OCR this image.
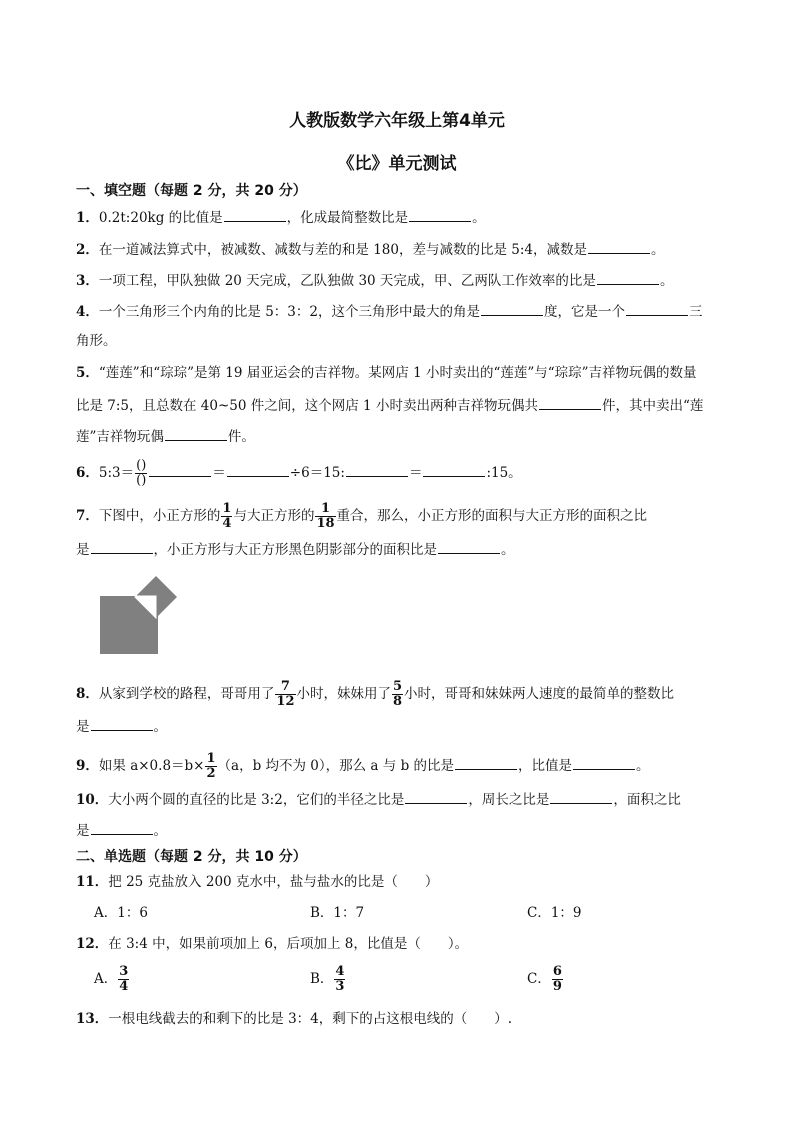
人教版数学六年级上第4单元
《比》单元测试
一、填空题（每题 2 分，共 20 分）
1．0.2t:20kg 的比值是	，化成最简整数比是	。
2．在一道减法算式中，被减数、减数与差的和是 180，差与减数的比是 5:4，减数是	。
3．一项工程，甲队独做 20 天完成，乙队独做 30 天完成，甲、乙两队工作效率的比是	。
4．一个三角形三个内角的比是 5：3：2，这个三角形中最大的角是	度，它是一个	三
角形。
5．“莲莲”和“琮琮”是第 19 届亚运会的吉祥物。某网店 1 小时卖出的“莲莲”与“琮琮”吉祥物玩偶的数量
比是 7:5，且总数在 40~50 件之间，这个网店 1 小时卖出两种吉祥物玩偶共	件，其中卖出“莲
莲”吉祥物玩偶	件。
6．5:3＝ $\frac{()}{()}$	＝	÷6＝15:	＝	:15。
7．下图中，小正方形的 $\frac{1}{4}$ 与大正方形的 $\frac{1}{18}$ 重合，那么，小正方形的面积与大正方形的面积之比
是	，小正方形与大正方形黑色阴影部分的面积比是	。
8．从家到学校的路程，哥哥用了 $\frac{7}{12}$ 小时，妹妹用了 $\frac{5}{8}$ 小时，哥哥和妹妹两人速度的最简单的整数比
是	。
9．如果 $a\times 0.8=b\times \frac{1}{2} (a$，b 均不为 0），那么 a 与 b 的比是	，比值是	。
10．大小两个圆的直径的比是 3:2，它们的半径之比是	，周长之比是	，面积之比
是	。
二、单选题（每题 2 分，共 10 分）
11．把 25 克盐放入 200 克水中，盐与盐水的比是（　　）
A．1：6	B．1：7	C．1：9
12．在 3:4 中，如果前项加上 6，后项加上 8，比值是（　　）。
A． $\frac{3}{4}$	B． $\frac{4}{3}$	C． $\frac{6}{9}$
13．一根电线截去的和剩下的比是 3：4，剩下的占这根电线的（　　）.
